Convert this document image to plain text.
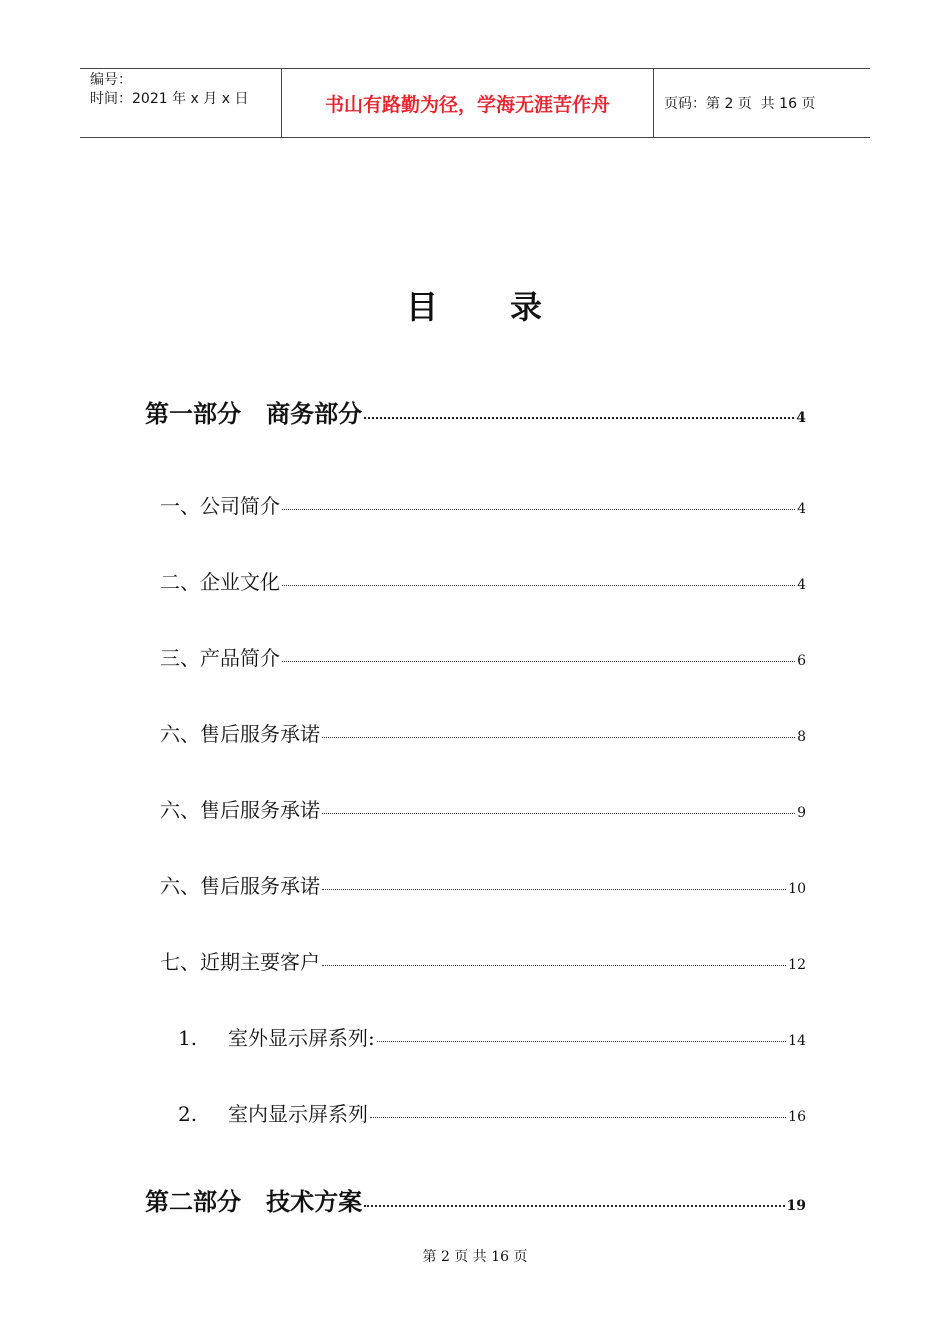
编号：
时间：2021 年 x 月 x 日	书山有路勤为径，学海无涯苦作舟	页码：第 2 页  共 16 页
目 录
第一部分   商务部分	4
一、公司简介	4
二、企业文化	4
三、产品简介	6
六、售后服务承诺	8
六、售后服务承诺	9
六、售后服务承诺	10
七、近期主要客户	12
1.	室外显示屏系列:	14
2.	室内显示屏系列	16
第二部分   技术方案	19
第 2 页 共 16 页
